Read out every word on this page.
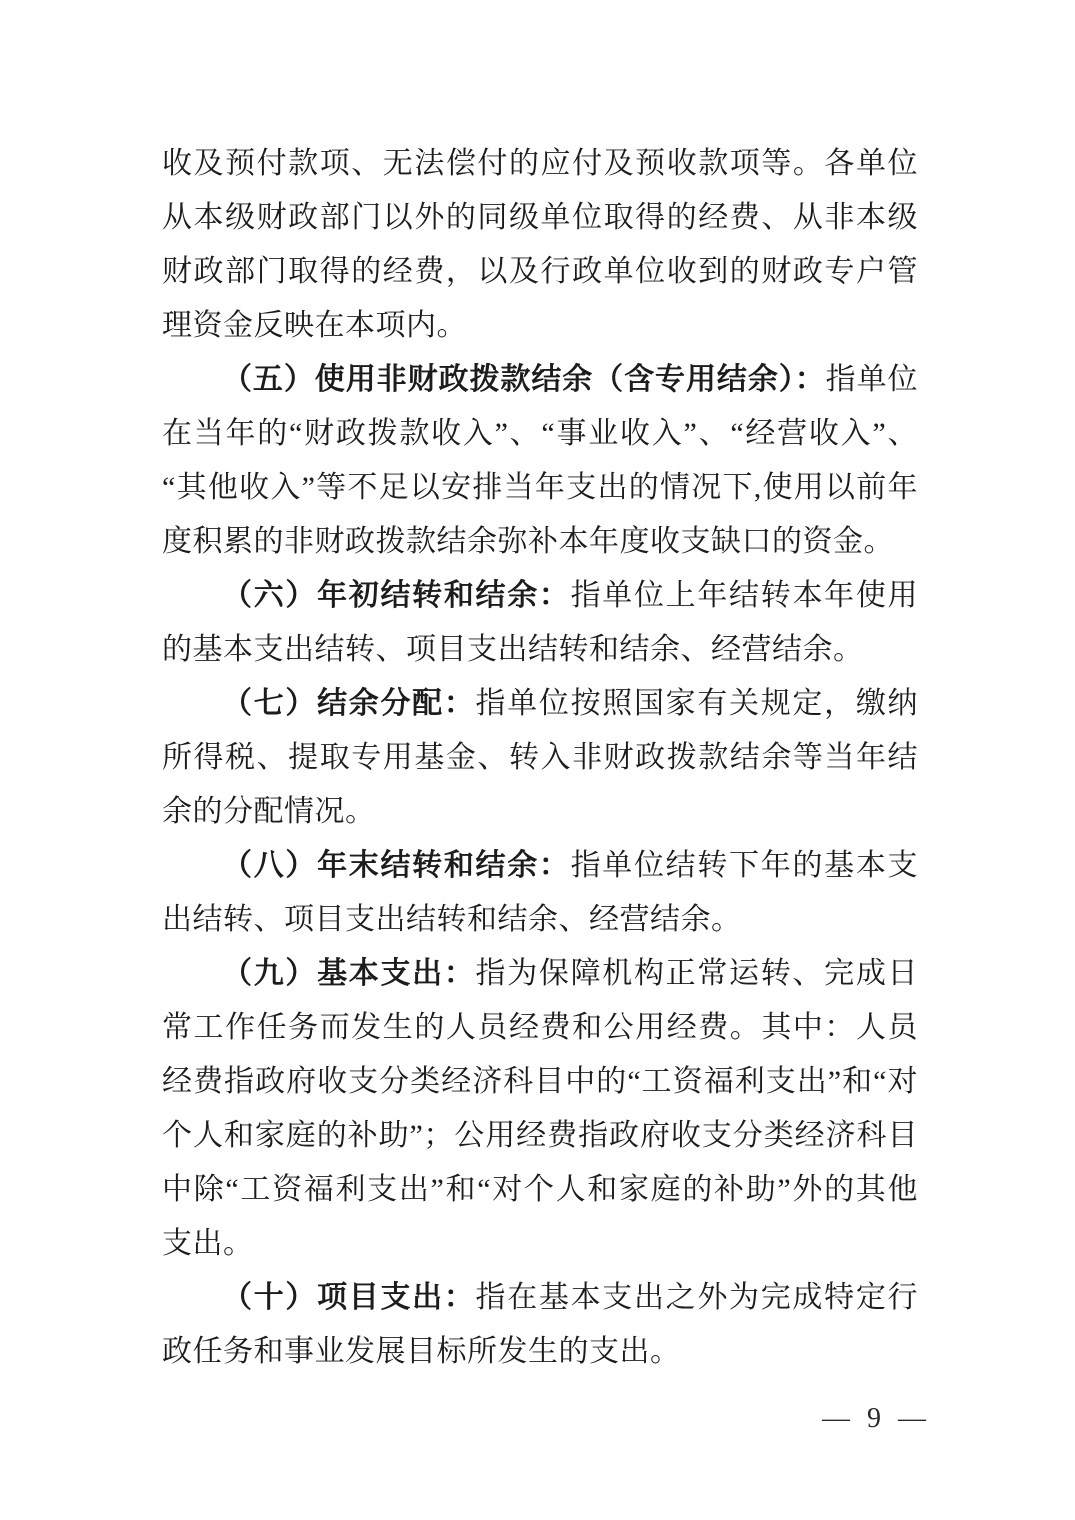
收及预付款项、无法偿付的应付及预收款项等。各单位从本级财政部门以外的同级单位取得的经费、从非本级财政部门取得的经费，以及行政单位收到的财政专户管理资金反映在本项内。

（五）使用非财政拨款结余（含专用结余）：指单位在当年的“财政拨款收入”、“事业收入”、“经营收入”、“其他收入”等不足以安排当年支出的情况下,使用以前年度积累的非财政拨款结余弥补本年度收支缺口的资金。

（六）年初结转和结余：指单位上年结转本年使用的基本支出结转、项目支出结转和结余、经营结余。

（七）结余分配：指单位按照国家有关规定，缴纳所得税、提取专用基金、转入非财政拨款结余等当年结余的分配情况。

（八）年末结转和结余：指单位结转下年的基本支出结转、项目支出结转和结余、经营结余。

（九）基本支出：指为保障机构正常运转、完成日常工作任务而发生的人员经费和公用经费。其中：人员经费指政府收支分类经济科目中的“工资福利支出”和“对个人和家庭的补助”；公用经费指政府收支分类经济科目中除“工资福利支出”和“对个人和家庭的补助”外的其他支出。

（十）项目支出：指在基本支出之外为完成特定行政任务和事业发展目标所发生的支出。

— 9 —
